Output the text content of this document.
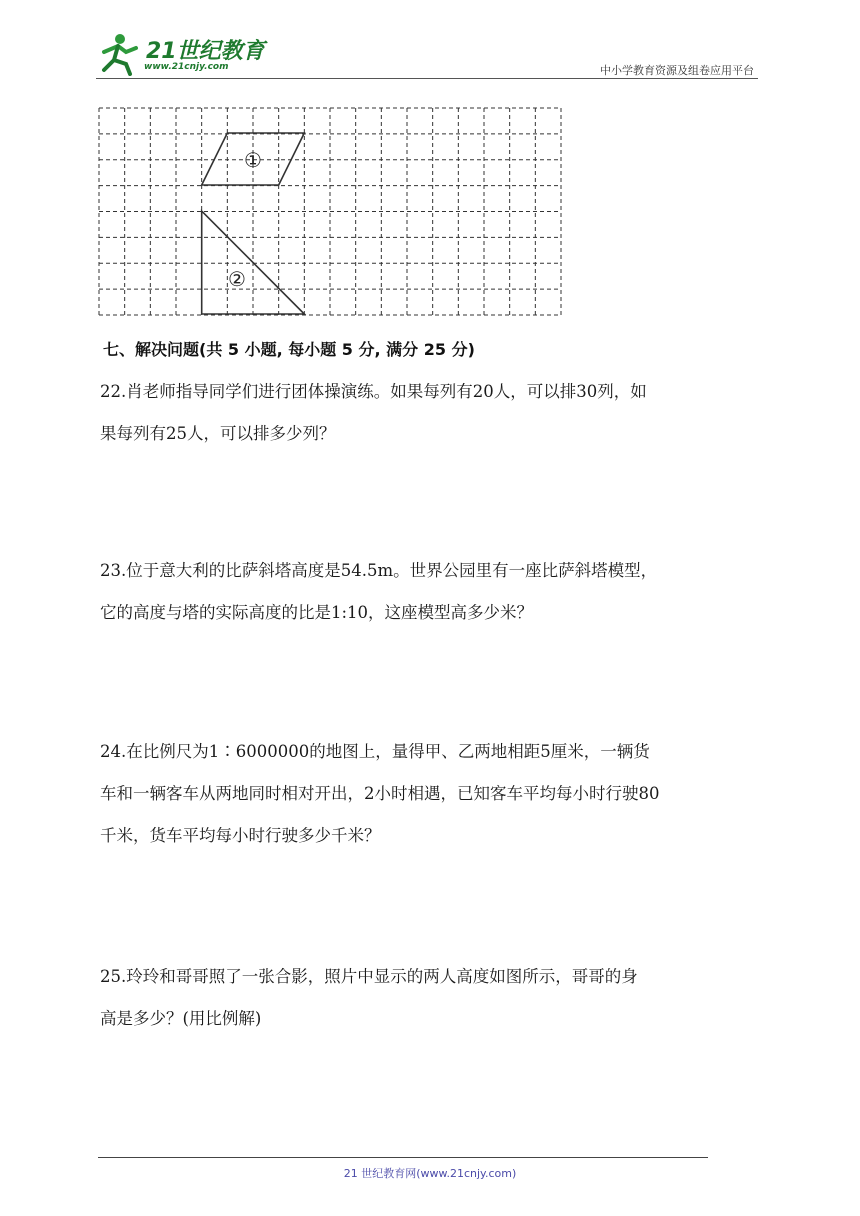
21世纪教育
www.21cnjy.com	中小学教育资源及组卷应用平台
①
②
七、解决问题(共 5 小题, 每小题 5 分, 满分 25 分)
22.肖老师指导同学们进行团体操演练。如果每列有20人，可以排30列，如
果每列有25人，可以排多少列？
23.位于意大利的比萨斜塔高度是54.5m。世界公园里有一座比萨斜塔模型，
它的高度与塔的实际高度的比是1:10，这座模型高多少米？
24.在比例尺为1∶6000000的地图上，量得甲、乙两地相距5厘米，一辆货
车和一辆客车从两地同时相对开出，2小时相遇，已知客车平均每小时行驶80
千米，货车平均每小时行驶多少千米？
25.玲玲和哥哥照了一张合影，照片中显示的两人高度如图所示，哥哥的身
高是多少？(用比例解)
21 世纪教育网(www.21cnjy.com)
